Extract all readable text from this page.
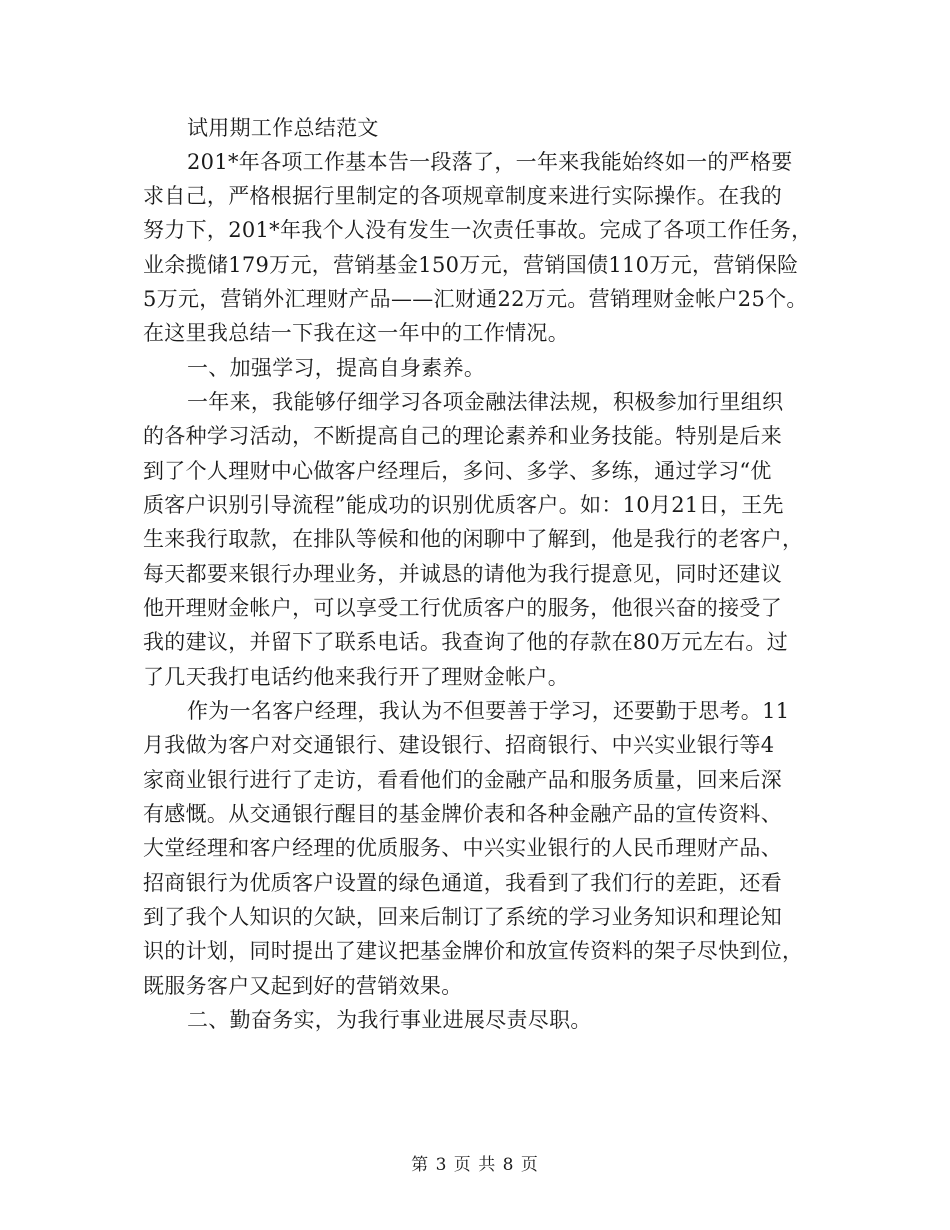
试用期工作总结范文
201*年各项工作基本告一段落了，一年来我能始终如一的严格要
求自己，严格根据行里制定的各项规章制度来进行实际操作。在我的
努力下，201*年我个人没有发生一次责任事故。完成了各项工作任务，
业余揽储179万元，营销基金150万元，营销国债110万元，营销保险
5万元，营销外汇理财产品——汇财通22万元。营销理财金帐户25个。
在这里我总结一下我在这一年中的工作情况。
一、加强学习，提高自身素养。
一年来，我能够仔细学习各项金融法律法规，积极参加行里组织
的各种学习活动，不断提高自己的理论素养和业务技能。特别是后来
到了个人理财中心做客户经理后，多问、多学、多练，通过学习“优
质客户识别引导流程”能成功的识别优质客户。如：10月21日，王先
生来我行取款，在排队等候和他的闲聊中了解到，他是我行的老客户，
每天都要来银行办理业务，并诚恳的请他为我行提意见，同时还建议
他开理财金帐户，可以享受工行优质客户的服务，他很兴奋的接受了
我的建议，并留下了联系电话。我查询了他的存款在80万元左右。过
了几天我打电话约他来我行开了理财金帐户。
作为一名客户经理，我认为不但要善于学习，还要勤于思考。11
月我做为客户对交通银行、建设银行、招商银行、中兴实业银行等4
家商业银行进行了走访，看看他们的金融产品和服务质量，回来后深
有感慨。从交通银行醒目的基金牌价表和各种金融产品的宣传资料、
大堂经理和客户经理的优质服务、中兴实业银行的人民币理财产品、
招商银行为优质客户设置的绿色通道，我看到了我们行的差距，还看
到了我个人知识的欠缺，回来后制订了系统的学习业务知识和理论知
识的计划，同时提出了建议把基金牌价和放宣传资料的架子尽快到位，
既服务客户又起到好的营销效果。
二、勤奋务实，为我行事业进展尽责尽职。
第 3 页 共 8 页
